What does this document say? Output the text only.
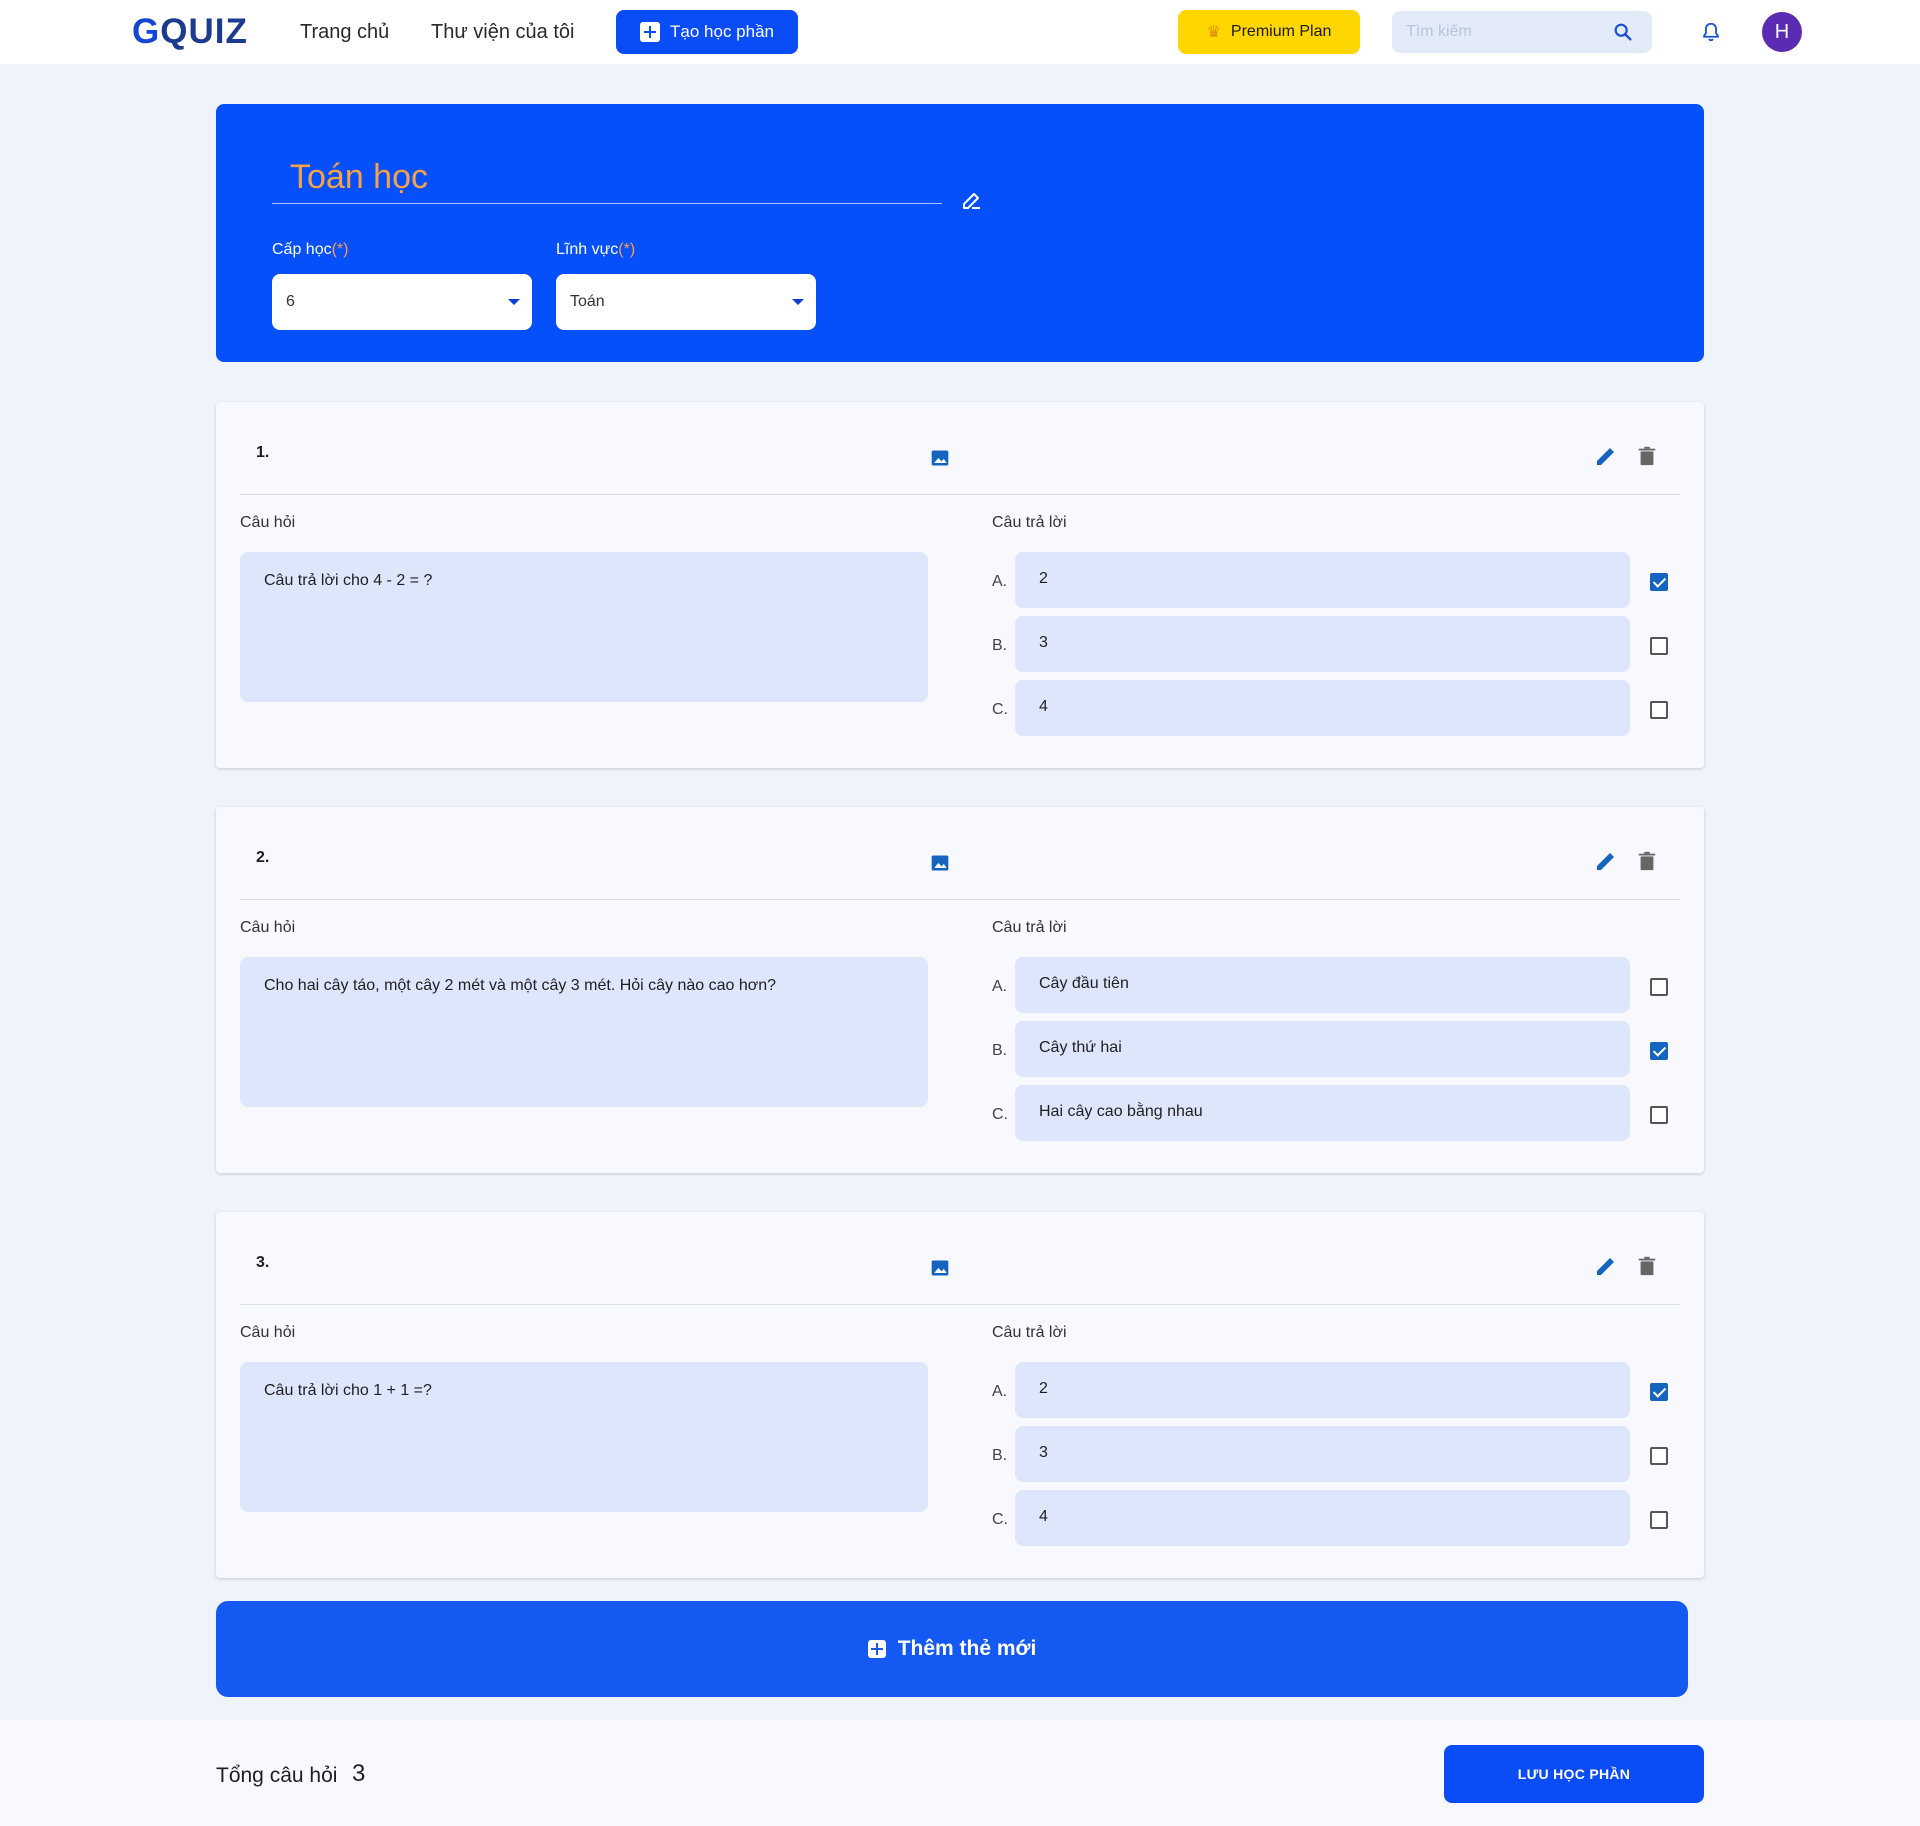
GQUIZ	Trang chủ Thư viện của tôi	Tạo học phần	♛ Premium Plan
Tìm kiếm	H
Toán học
Cấp học(*)	Lĩnh vực(*)
6	Toán
1.
Câu hỏi	Câu trả lời
Câu trả lời cho 4 - 2 = ?	A.	2
B.	3
C.	4
2.
Câu hỏi	Câu trả lời
Cho hai cây táo, một cây 2 mét và một cây 3 mét. Hỏi cây nào cao hơn?	A.	Cây đầu tiên
B.	Cây thứ hai
C.	Hai cây cao bằng nhau
3.
Câu hỏi	Câu trả lời
Câu trả lời cho 1 + 1 =?	A.	2
B.	3
C.	4
Thêm thẻ mới
Tổng câu hỏi 3	LƯU HỌC PHẦN
